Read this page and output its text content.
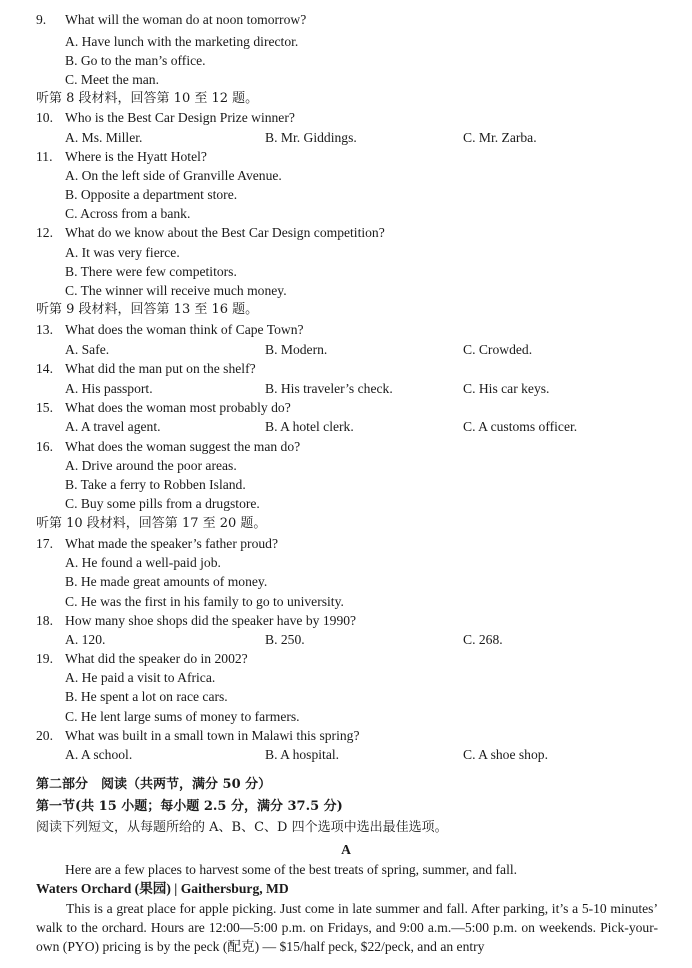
9. What will the woman do at noon tomorrow?
A. Have lunch with the marketing director.
B. Go to the man’s office.
C. Meet the man.
听第 8 段材料，回答第 10 至 12 题。
10. Who is the Best Car Design Prize winner?
A. Ms. Miller.	B. Mr. Giddings.	C. Mr. Zarba.
11. Where is the Hyatt Hotel?
A. On the left side of Granville Avenue.
B. Opposite a department store.
C. Across from a bank.
12. What do we know about the Best Car Design competition?
A. It was very fierce.
B. There were few competitors.
C. The winner will receive much money.
听第 9 段材料，回答第 13 至 16 题。
13. What does the woman think of Cape Town?
A. Safe.	B. Modern.	C. Crowded.
14. What did the man put on the shelf?
A. His passport.	B. His traveler’s check.	C. His car keys.
15. What does the woman most probably do?
A. A travel agent.	B. A hotel clerk.	C. A customs officer.
16. What does the woman suggest the man do?
A. Drive around the poor areas.
B. Take a ferry to Robben Island.
C. Buy some pills from a drugstore.
听第 10 段材料，回答第 17 至 20 题。
17. What made the speaker’s father proud?
A. He found a well-paid job.
B. He made great amounts of money.
C. He was the first in his family to go to university.
18. How many shoe shops did the speaker have by 1990?
A. 120.	B. 250.	C. 268.
19. What did the speaker do in 2002?
A. He paid a visit to Africa.
B. He spent a lot on race cars.
C. He lent large sums of money to farmers.
20. What was built in a small town in Malawi this spring?
A. A school.	B. A hospital.	C. A shoe shop.
第二部分　阅读（共两节，满分 50 分）
第一节(共 15 小题；每小题 2.5 分，满分 37.5 分)
阅读下列短文，从每题所给的 A、B、C、D 四个选项中选出最佳选项。
A
Here are a few places to harvest some of the best treats of spring, summer, and fall.
Waters Orchard (果园) | Gaithersburg, MD
This is a great place for apple picking. Just come in late summer and fall. After parking, it’s a 5-10 minutes’ walk to the orchard. Hours are 12:00—5:00 p.m. on Fridays, and 9:00 a.m.—5:00 p.m. on weekends. Pick-your-own (PYO) pricing is by the peck (配克) — $15/half peck, $22/peck, and an entry
